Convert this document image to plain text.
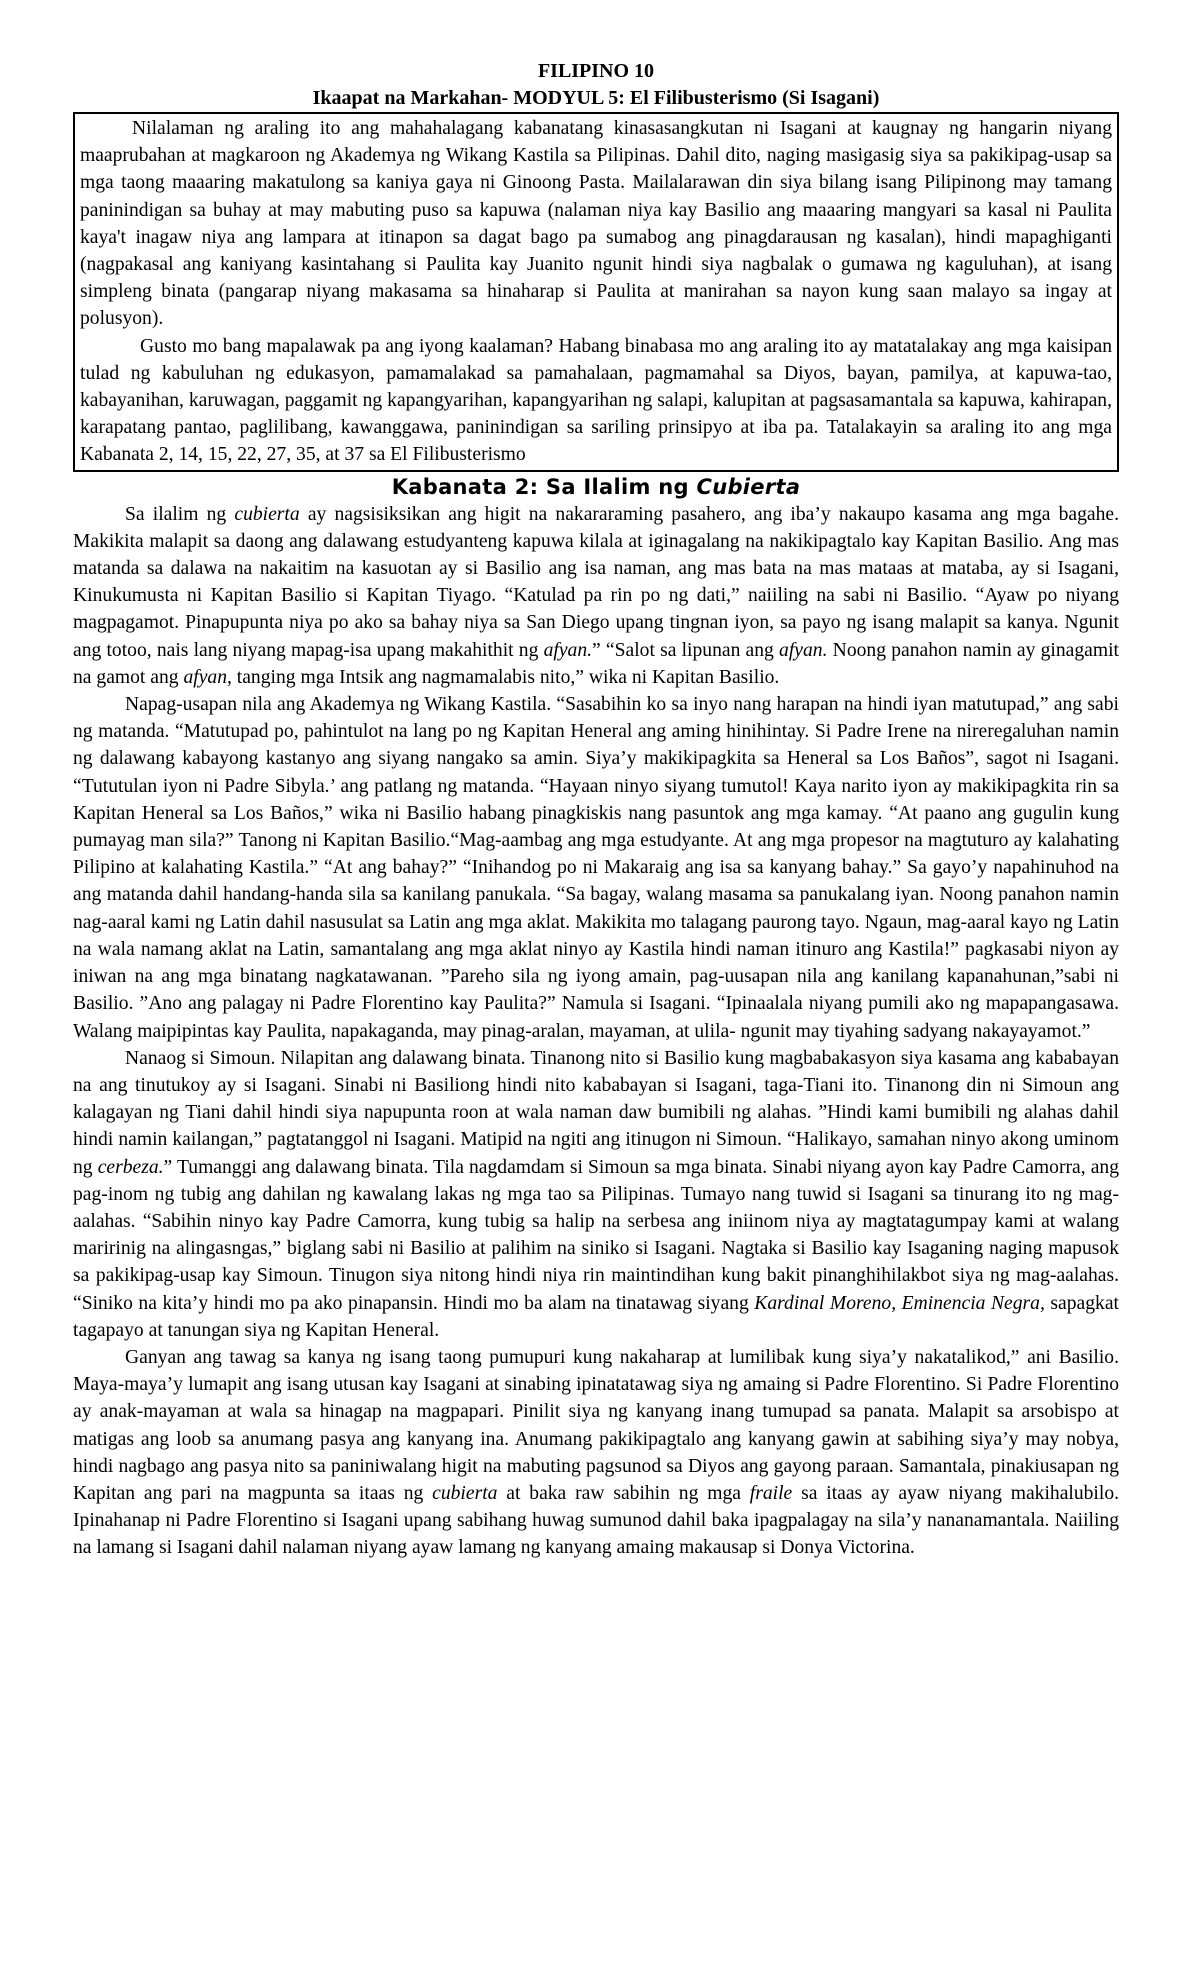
FILIPINO 10
Ikaapat na Markahan- MODYUL 5: El Filibusterismo (Si Isagani)

Nilalaman ng araling ito ang mahahalagang kabanatang kinasasangkutan ni Isagani at kaugnay ng hangarin niyang maaprubahan at magkaroon ng Akademya ng Wikang Kastila sa Pilipinas. Dahil dito, naging masigasig siya sa pakikipag-usap sa mga taong maaaring makatulong sa kaniya gaya ni Ginoong Pasta. Mailalarawan din siya bilang isang Pilipinong may tamang paninindigan sa buhay at may mabuting puso sa kapuwa (nalaman niya kay Basilio ang maaaring mangyari sa kasal ni Paulita kaya't inagaw niya ang lampara at itinapon sa dagat bago pa sumabog ang pinagdarausan ng kasalan), hindi mapaghiganti (nagpakasal ang kaniyang kasintahang si Paulita kay Juanito ngunit hindi siya nagbalak o gumawa ng kaguluhan), at isang simpleng binata (pangarap niyang makasama sa hinaharap si Paulita at manirahan sa nayon kung saan malayo sa ingay at polusyon).

Gusto mo bang mapalawak pa ang iyong kaalaman? Habang binabasa mo ang araling ito ay matatalakay ang mga kaisipan tulad ng kabuluhan ng edukasyon, pamamalakad sa pamahalaan, pagmamahal sa Diyos, bayan, pamilya, at kapuwa-tao, kabayanihan, karuwagan, paggamit ng kapangyarihan, kapangyarihan ng salapi, kalupitan at pagsasamantala sa kapuwa, kahirapan, karapatang pantao, paglilibang, kawanggawa, paninindigan sa sariling prinsipyo at iba pa. Tatalakayin sa araling ito ang mga Kabanata 2, 14, 15, 22, 27, 35, at 37 sa El Filibusterismo

Kabanata 2: Sa Ilalim ng Cubierta

Sa ilalim ng cubierta ay nagsisiksikan ang higit na nakararaming pasahero, ang iba’y nakaupo kasama ang mga bagahe. Makikita malapit sa daong ang dalawang estudyanteng kapuwa kilala at iginagalang na nakikipagtalo kay Kapitan Basilio. Ang mas matanda sa dalawa na nakaitim na kasuotan ay si Basilio ang isa naman, ang mas bata na mas mataas at mataba, ay si Isagani, Kinukumusta ni Kapitan Basilio si Kapitan Tiyago. “Katulad pa rin po ng dati,” naiiling na sabi ni Basilio. “Ayaw po niyang magpagamot. Pinapupunta niya po ako sa bahay niya sa San Diego upang tingnan iyon, sa payo ng isang malapit sa kanya. Ngunit ang totoo, nais lang niyang mapag-isa upang makahithit ng afyan.” “Salot sa lipunan ang afyan. Noong panahon namin ay ginagamit na gamot ang afyan, tanging mga Intsik ang nagmamalabis nito,” wika ni Kapitan Basilio.

Napag-usapan nila ang Akademya ng Wikang Kastila. “Sasabihin ko sa inyo nang harapan na hindi iyan matutupad,” ang sabi ng matanda. “Matutupad po, pahintulot na lang po ng Kapitan Heneral ang aming hinihintay. Si Padre Irene na nireregaluhan namin ng dalawang kabayong kastanyo ang siyang nangako sa amin. Siya’y makikipagkita sa Heneral sa Los Baños”, sagot ni Isagani. “Tututulan iyon ni Padre Sibyla.’ ang patlang ng matanda. “Hayaan ninyo siyang tumutol! Kaya narito iyon ay makikipagkita rin sa Kapitan Heneral sa Los Baños,” wika ni Basilio habang pinagkiskis nang pasuntok ang mga kamay. “At paano ang gugulin kung pumayag man sila?” Tanong ni Kapitan Basilio.“Mag-aambag ang mga estudyante. At ang mga propesor na magtuturo ay kalahating Pilipino at kalahating Kastila.” “At ang bahay?” “Inihandog po ni Makaraig ang isa sa kanyang bahay.” Sa gayo’y napahinuhod na ang matanda dahil handang-handa sila sa kanilang panukala. “Sa bagay, walang masama sa panukalang iyan. Noong panahon namin nag-aaral kami ng Latin dahil nasusulat sa Latin ang mga aklat. Makikita mo talagang paurong tayo. Ngaun, mag-aaral kayo ng Latin na wala namang aklat na Latin, samantalang ang mga aklat ninyo ay Kastila hindi naman itinuro ang Kastila!” pagkasabi niyon ay iniwan na ang mga binatang nagkatawanan. ”Pareho sila ng iyong amain, pag-uusapan nila ang kanilang kapanahunan,”sabi ni Basilio. ”Ano ang palagay ni Padre Florentino kay Paulita?” Namula si Isagani. “Ipinaalala niyang pumili ako ng mapapangasawa. Walang maipipintas kay Paulita, napakaganda, may pinag-aralan, mayaman, at ulila- ngunit may tiyahing sadyang nakayayamot.”

Nanaog si Simoun. Nilapitan ang dalawang binata. Tinanong nito si Basilio kung magbabakasyon siya kasama ang kababayan na ang tinutukoy ay si Isagani. Sinabi ni Basiliong hindi nito kababayan si Isagani, taga-Tiani ito. Tinanong din ni Simoun ang kalagayan ng Tiani dahil hindi siya napupunta roon at wala naman daw bumibili ng alahas. ”Hindi kami bumibili ng alahas dahil hindi namin kailangan,” pagtatanggol ni Isagani. Matipid na ngiti ang itinugon ni Simoun. “Halikayo, samahan ninyo akong uminom ng cerbeza.” Tumanggi ang dalawang binata. Tila nagdamdam si Simoun sa mga binata. Sinabi niyang ayon kay Padre Camorra, ang pag-inom ng tubig ang dahilan ng kawalang lakas ng mga tao sa Pilipinas. Tumayo nang tuwid si Isagani sa tinurang ito ng mag-aalahas. “Sabihin ninyo kay Padre Camorra, kung tubig sa halip na serbesa ang iniinom niya ay magtatagumpay kami at walang maririnig na alingasngas,” biglang sabi ni Basilio at palihim na siniko si Isagani. Nagtaka si Basilio kay Isaganing naging mapusok sa pakikipag-usap kay Simoun. Tinugon siya nitong hindi niya rin maintindihan kung bakit pinanghihilakbot siya ng mag-aalahas. “Siniko na kita’y hindi mo pa ako pinapansin. Hindi mo ba alam na tinatawag siyang Kardinal Moreno, Eminencia Negra, sapagkat tagapayo at tanungan siya ng Kapitan Heneral.

Ganyan ang tawag sa kanya ng isang taong pumupuri kung nakaharap at lumilibak kung siya’y nakatalikod,” ani Basilio. Maya-maya’y lumapit ang isang utusan kay Isagani at sinabing ipinatatawag siya ng amaing si Padre Florentino. Si Padre Florentino ay anak-mayaman at wala sa hinagap na magpapari. Pinilit siya ng kanyang inang tumupad sa panata. Malapit sa arsobispo at matigas ang loob sa anumang pasya ang kanyang ina. Anumang pakikipagtalo ang kanyang gawin at sabihing siya’y may nobya, hindi nagbago ang pasya nito sa paniniwalang higit na mabuting pagsunod sa Diyos ang gayong paraan. Samantala, pinakiusapan ng Kapitan ang pari na magpunta sa itaas ng cubierta at baka raw sabihin ng mga fraile sa itaas ay ayaw niyang makihalubilo. Ipinahanap ni Padre Florentino si Isagani upang sabihang huwag sumunod dahil baka ipagpalagay na sila’y nananamantala. Naiiling na lamang si Isagani dahil nalaman niyang ayaw lamang ng kanyang amaing makausap si Donya Victorina.
